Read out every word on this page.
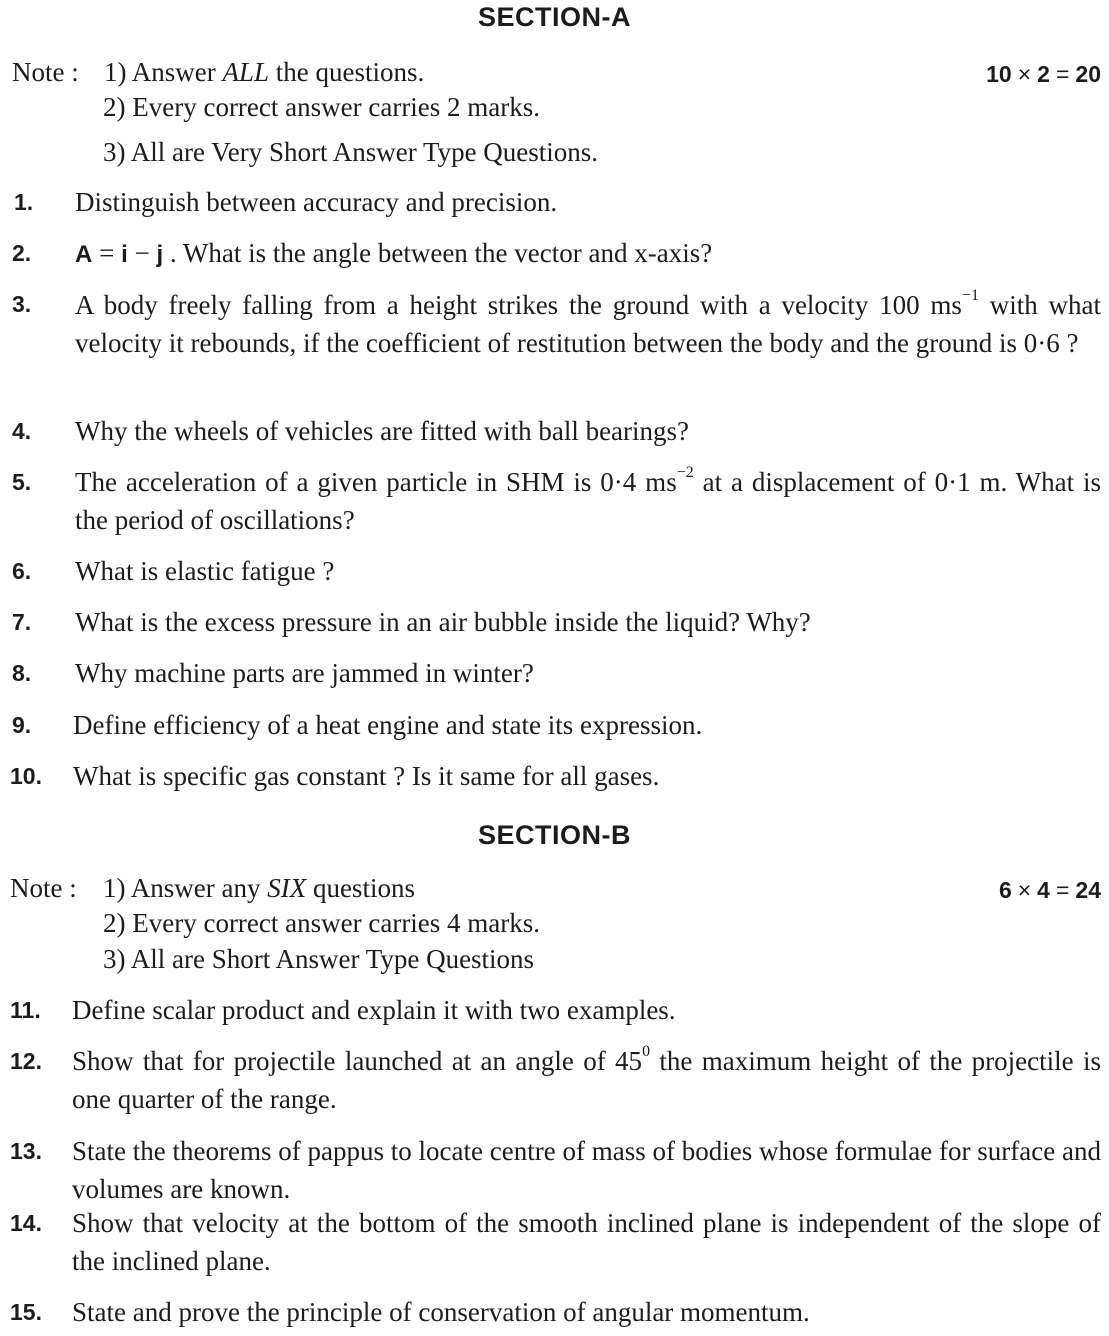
SECTION-A
Note : 1) Answer ALL the questions.
2) Every correct answer carries 2 marks.
3) All are Very Short Answer Type Questions.
10 × 2 = 20
1. Distinguish between accuracy and precision.
2. A = i − j . What is the angle between the vector and x-axis?
3. A body freely falling from a height strikes the ground with a velocity 100 $ms^{-1}$ with what velocity it rebounds, if the coefficient of restitution between the body and the ground is 0·6 ?
4. Why the wheels of vehicles are fitted with ball bearings?
5. The acceleration of a given particle in SHM is 0·4 $ms^{-2}$ at a displacement of 0·1 m. What is the period of oscillations?
6. What is elastic fatigue ?
7. What is the excess pressure in an air bubble inside the liquid? Why?
8. Why machine parts are jammed in winter?
9. Define efficiency of a heat engine and state its expression.
10. What is specific gas constant ? Is it same for all gases.
SECTION-B
Note : 1) Answer any SIX questions
2) Every correct answer carries 4 marks.
3) All are Short Answer Type Questions
6 × 4 = 24
11. Define scalar product and explain it with two examples.
12. Show that for projectile launched at an angle of $45^0$ the maximum height of the projectile is one quarter of the range.
13. State the theorems of pappus to locate centre of mass of bodies whose formulae for surface and volumes are known.
14. Show that velocity at the bottom of the smooth inclined plane is independent of the slope of the inclined plane.
15. State and prove the principle of conservation of angular momentum.
